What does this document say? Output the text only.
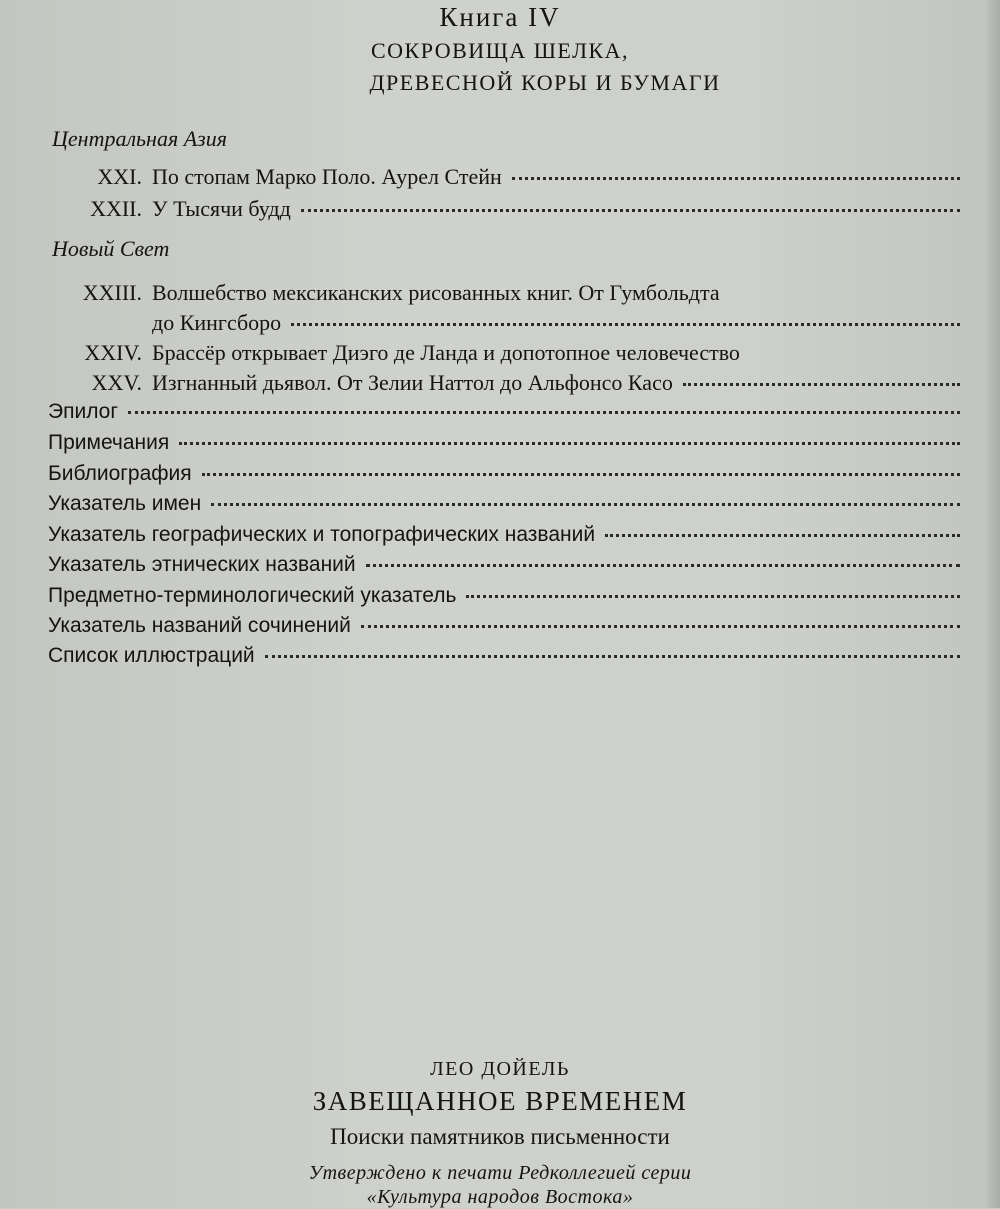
Книга IV
СОКРОВИЩА ШЕЛКА,
ДРЕВЕСНОЙ КОРЫ И БУМАГИ
Центральная Азия
XXI. По стопам Марко Поло. Аурел Стейн
XXII. У Тысячи будд
Новый Свет
XXIII. Волшебство мексиканских рисованных книг. От Гумбольдта
до Кингсборо
XXIV. Брассёр открывает Диэго де Ланда и допотопное человечество
XXV. Изгнанный дьявол. От Зелии Наттол до Альфонсо Касо
Эпилог
Примечания
Библиография
Указатель имен
Указатель географических и топографических названий
Указатель этнических названий
Предметно-терминологический указатель
Указатель названий сочинений
Список иллюстраций
ЛЕО ДОЙЕЛЬ
ЗАВЕЩАННОЕ ВРЕМЕНЕМ
Поиски памятников письменности
Утверждено к печати Редколлегией серии
«Культура народов Востока»
